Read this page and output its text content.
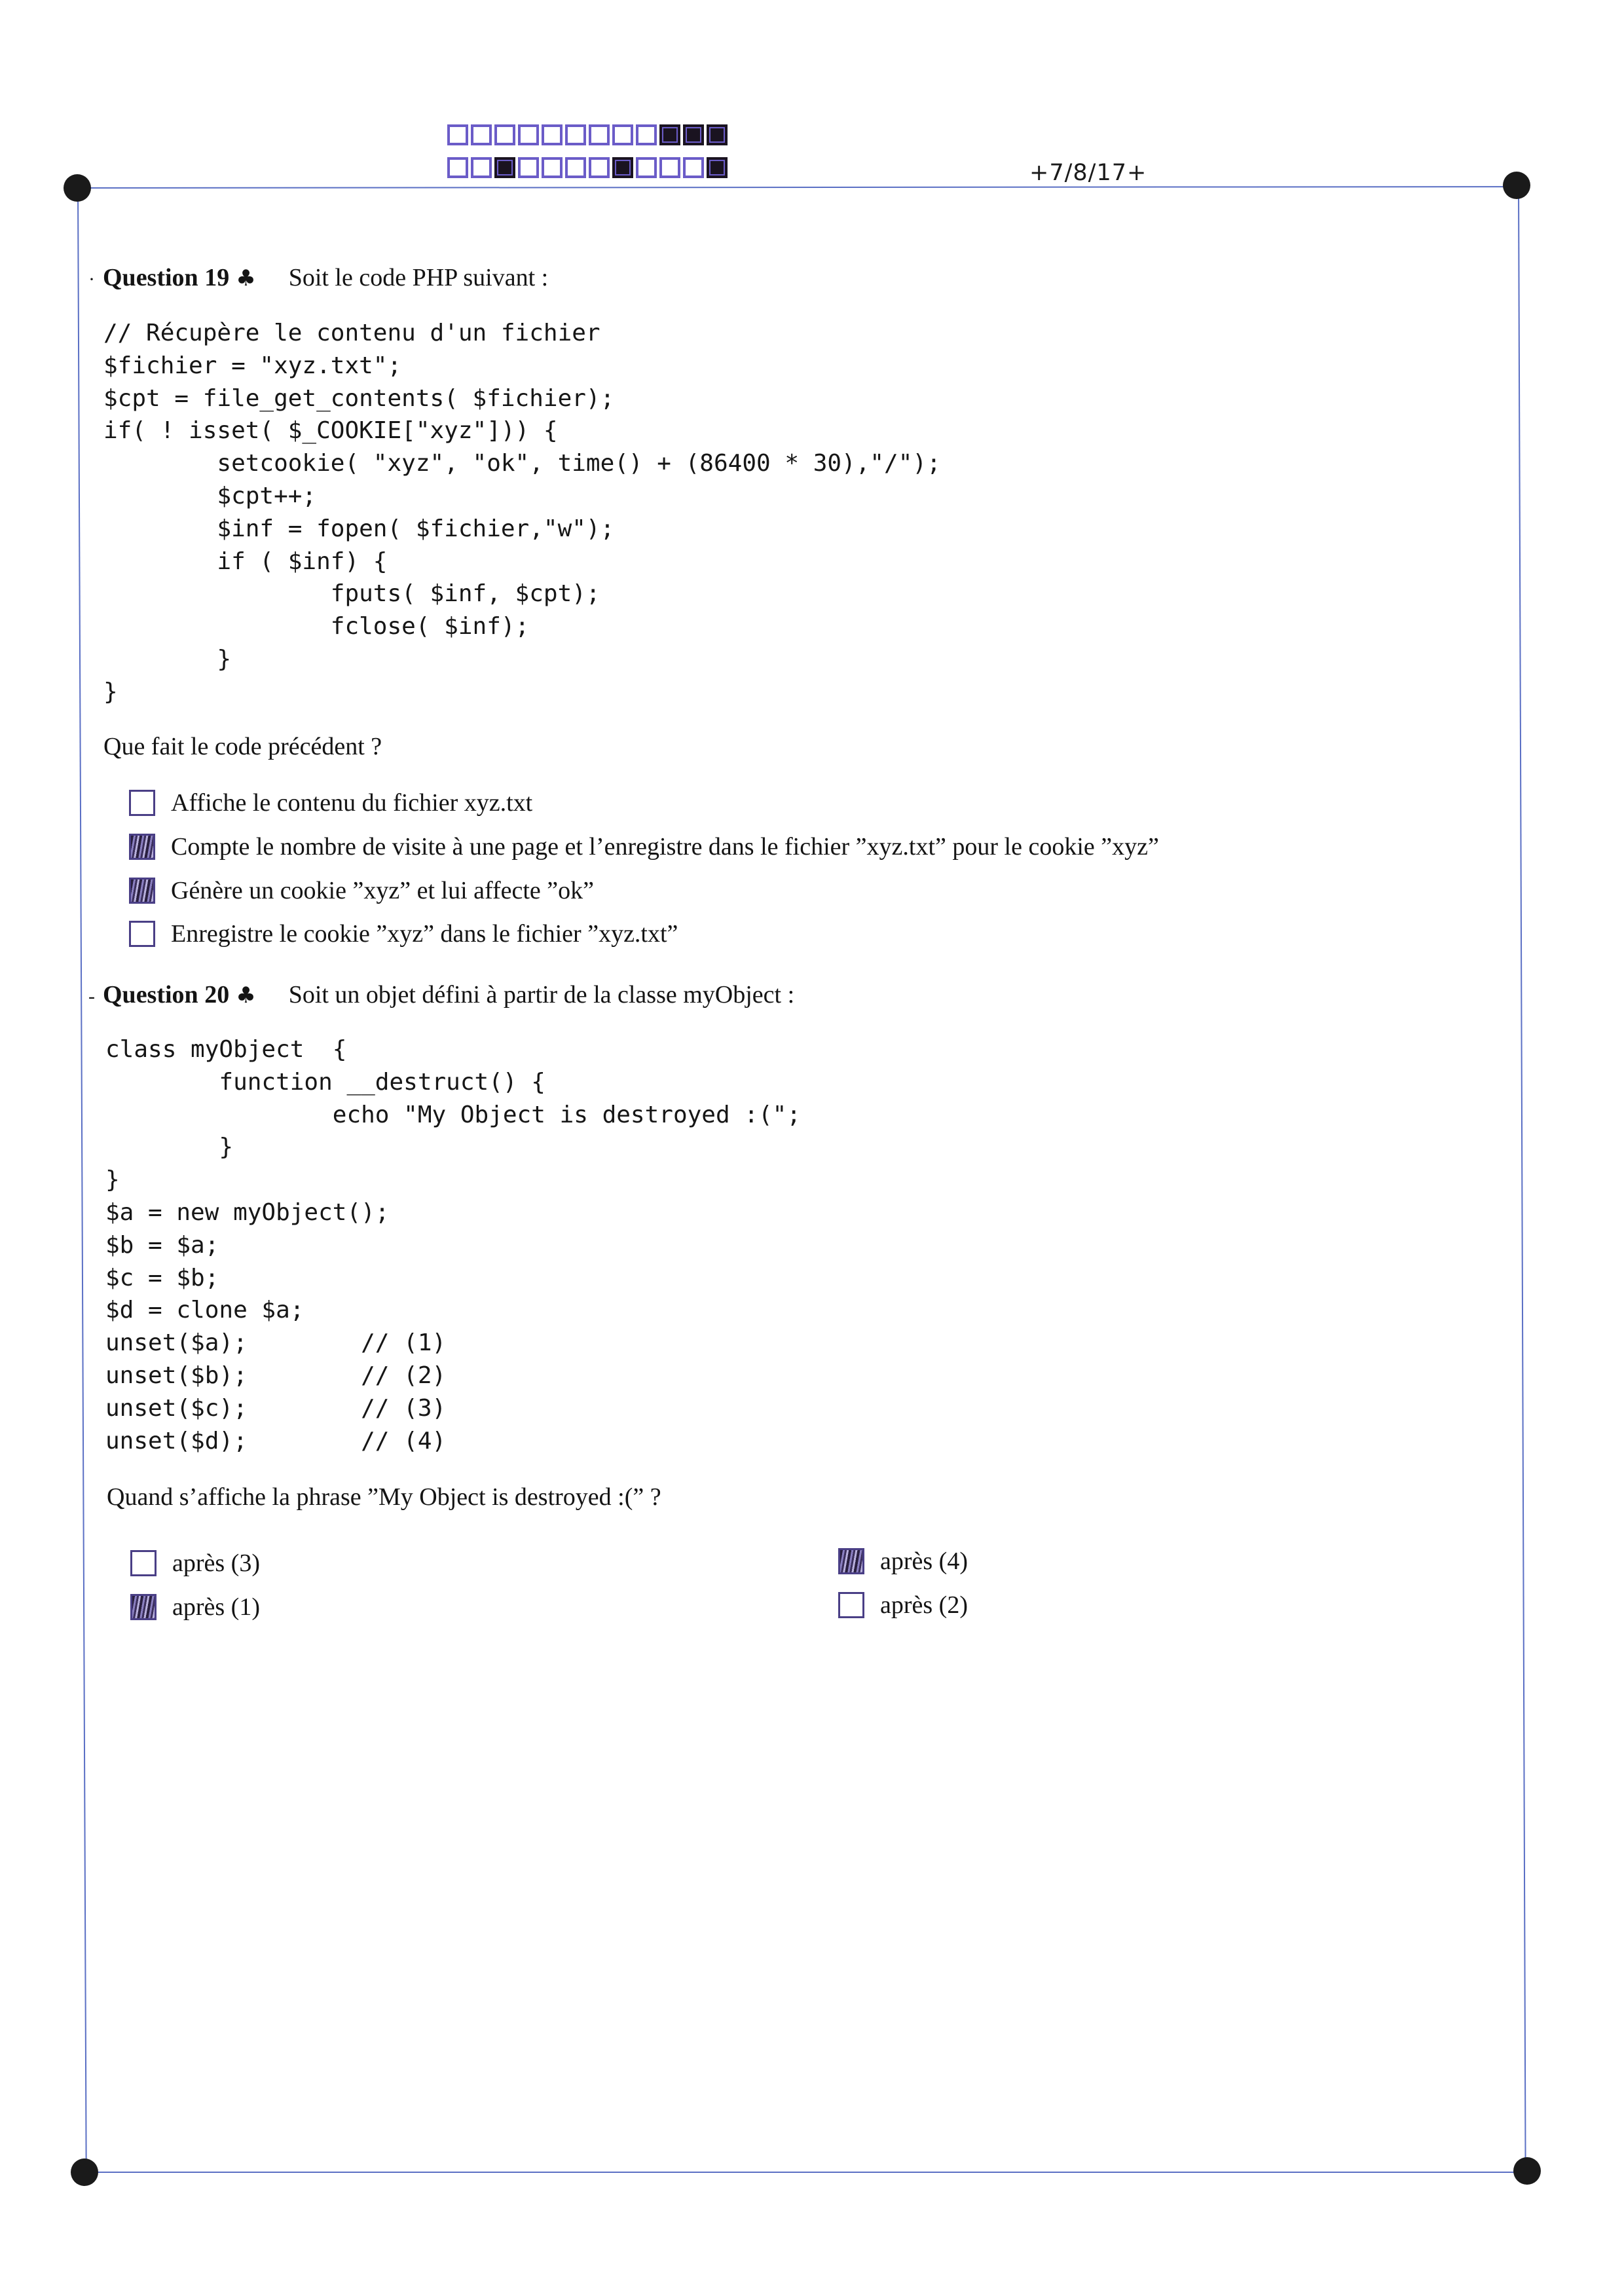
+7/8/17+
· Question 19 ♣ Soit le code PHP suivant :
// Récupère le contenu d'un fichier
$fichier = "xyz.txt";
$cpt = file_get_contents( $fichier);
if( ! isset( $_COOKIE["xyz"])) {
setcookie( "xyz", "ok", time() + (86400 * 30),"/");
$cpt++;
$inf = fopen( $fichier,"w");
if ( $inf) {
fputs( $inf, $cpt);
fclose( $inf);
}
}
Que fait le code précédent ?
Affiche le contenu du fichier xyz.txt
Compte le nombre de visite à une page et l’enregistre dans le fichier ”xyz.txt” pour le cookie ”xyz”
Génère un cookie ”xyz” et lui affecte ”ok”
Enregistre le cookie ”xyz” dans le fichier ”xyz.txt”
- Question 20 ♣ Soit un objet défini à partir de la classe myObject :
class myObject  {
function __destruct() {
echo "My Object is destroyed :(";
}
}
$a = new myObject();
$b = $a;
$c = $b;
$d = clone $a;
unset($a);        // (1)
unset($b);        // (2)
unset($c);        // (3)
unset($d);        // (4)
Quand s’affiche la phrase ”My Object is destroyed :(” ?
après (3)
après (1)
après (4)
après (2)
